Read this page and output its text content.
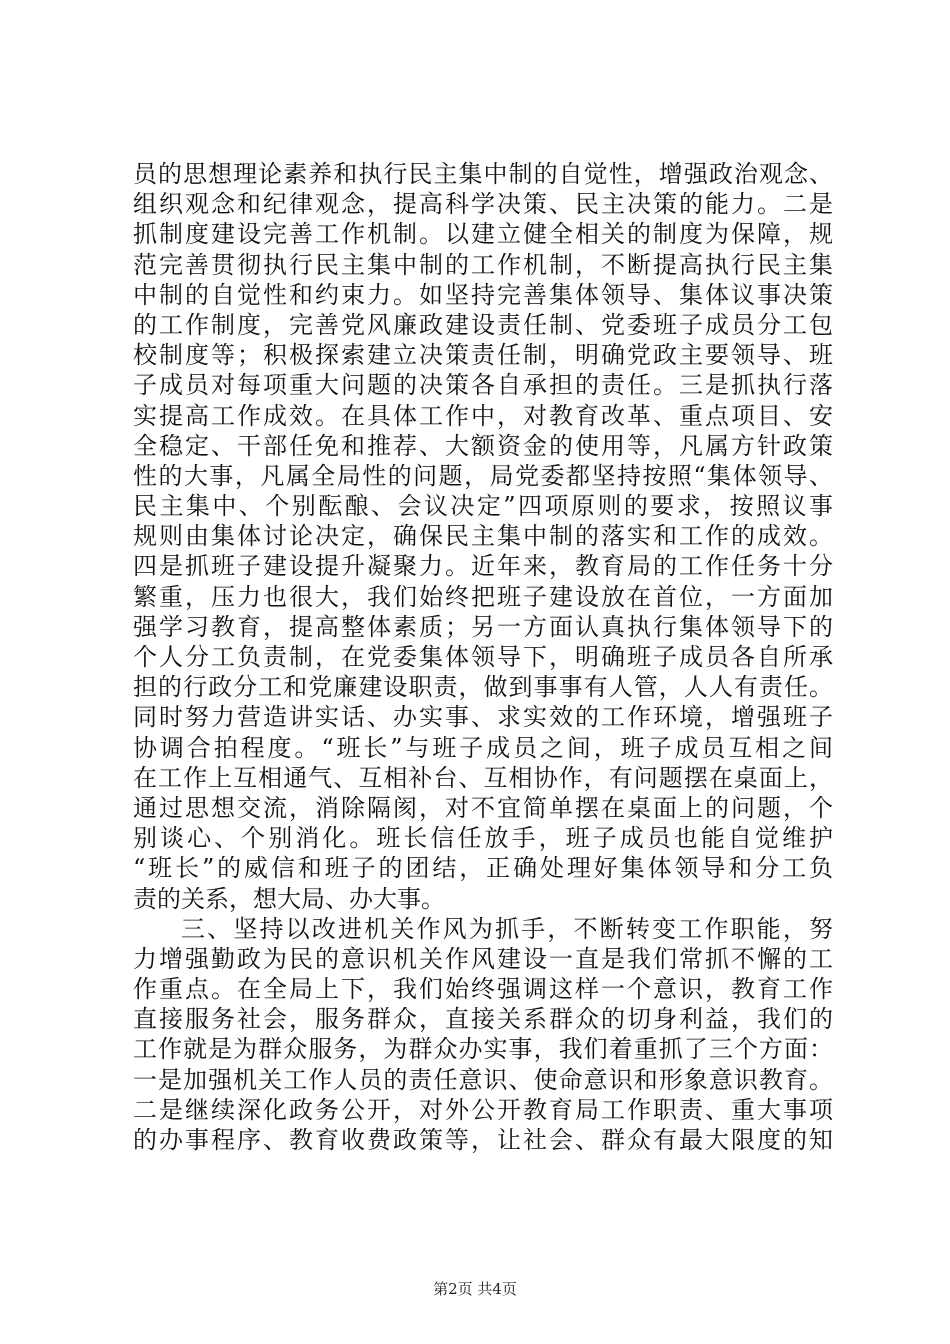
员的思想理论素养和执行民主集中制的自觉性，增强政治观念、
组织观念和纪律观念，提高科学决策、民主决策的能力。二是
抓制度建设完善工作机制。以建立健全相关的制度为保障，规
范完善贯彻执行民主集中制的工作机制，不断提高执行民主集
中制的自觉性和约束力。如坚持完善集体领导、集体议事决策
的工作制度，完善党风廉政建设责任制、党委班子成员分工包
校制度等；积极探索建立决策责任制，明确党政主要领导、班
子成员对每项重大问题的决策各自承担的责任。三是抓执行落
实提高工作成效。在具体工作中，对教育改革、重点项目、安
全稳定、干部任免和推荐、大额资金的使用等，凡属方针政策
性的大事，凡属全局性的问题，局党委都坚持按照“集体领导、
民主集中、个别酝酿、会议决定”四项原则的要求，按照议事
规则由集体讨论决定，确保民主集中制的落实和工作的成效。
四是抓班子建设提升凝聚力。近年来，教育局的工作任务十分
繁重，压力也很大，我们始终把班子建设放在首位，一方面加
强学习教育，提高整体素质；另一方面认真执行集体领导下的
个人分工负责制，在党委集体领导下，明确班子成员各自所承
担的行政分工和党廉建设职责，做到事事有人管，人人有责任。
同时努力营造讲实话、办实事、求实效的工作环境，增强班子
协调合拍程度。“班长”与班子成员之间，班子成员互相之间
在工作上互相通气、互相补台、互相协作，有问题摆在桌面上，
通过思想交流，消除隔阂，对不宜简单摆在桌面上的问题，个
别谈心、个别消化。班长信任放手，班子成员也能自觉维护
“班长”的威信和班子的团结，正确处理好集体领导和分工负
责的关系，想大局、办大事。
三、坚持以改进机关作风为抓手，不断转变工作职能，努
力增强勤政为民的意识机关作风建设一直是我们常抓不懈的工
作重点。在全局上下，我们始终强调这样一个意识，教育工作
直接服务社会，服务群众，直接关系群众的切身利益，我们的
工作就是为群众服务，为群众办实事，我们着重抓了三个方面：
一是加强机关工作人员的责任意识、使命意识和形象意识教育。
二是继续深化政务公开，对外公开教育局工作职责、重大事项
的办事程序、教育收费政策等，让社会、群众有最大限度的知
第2页 共4页
